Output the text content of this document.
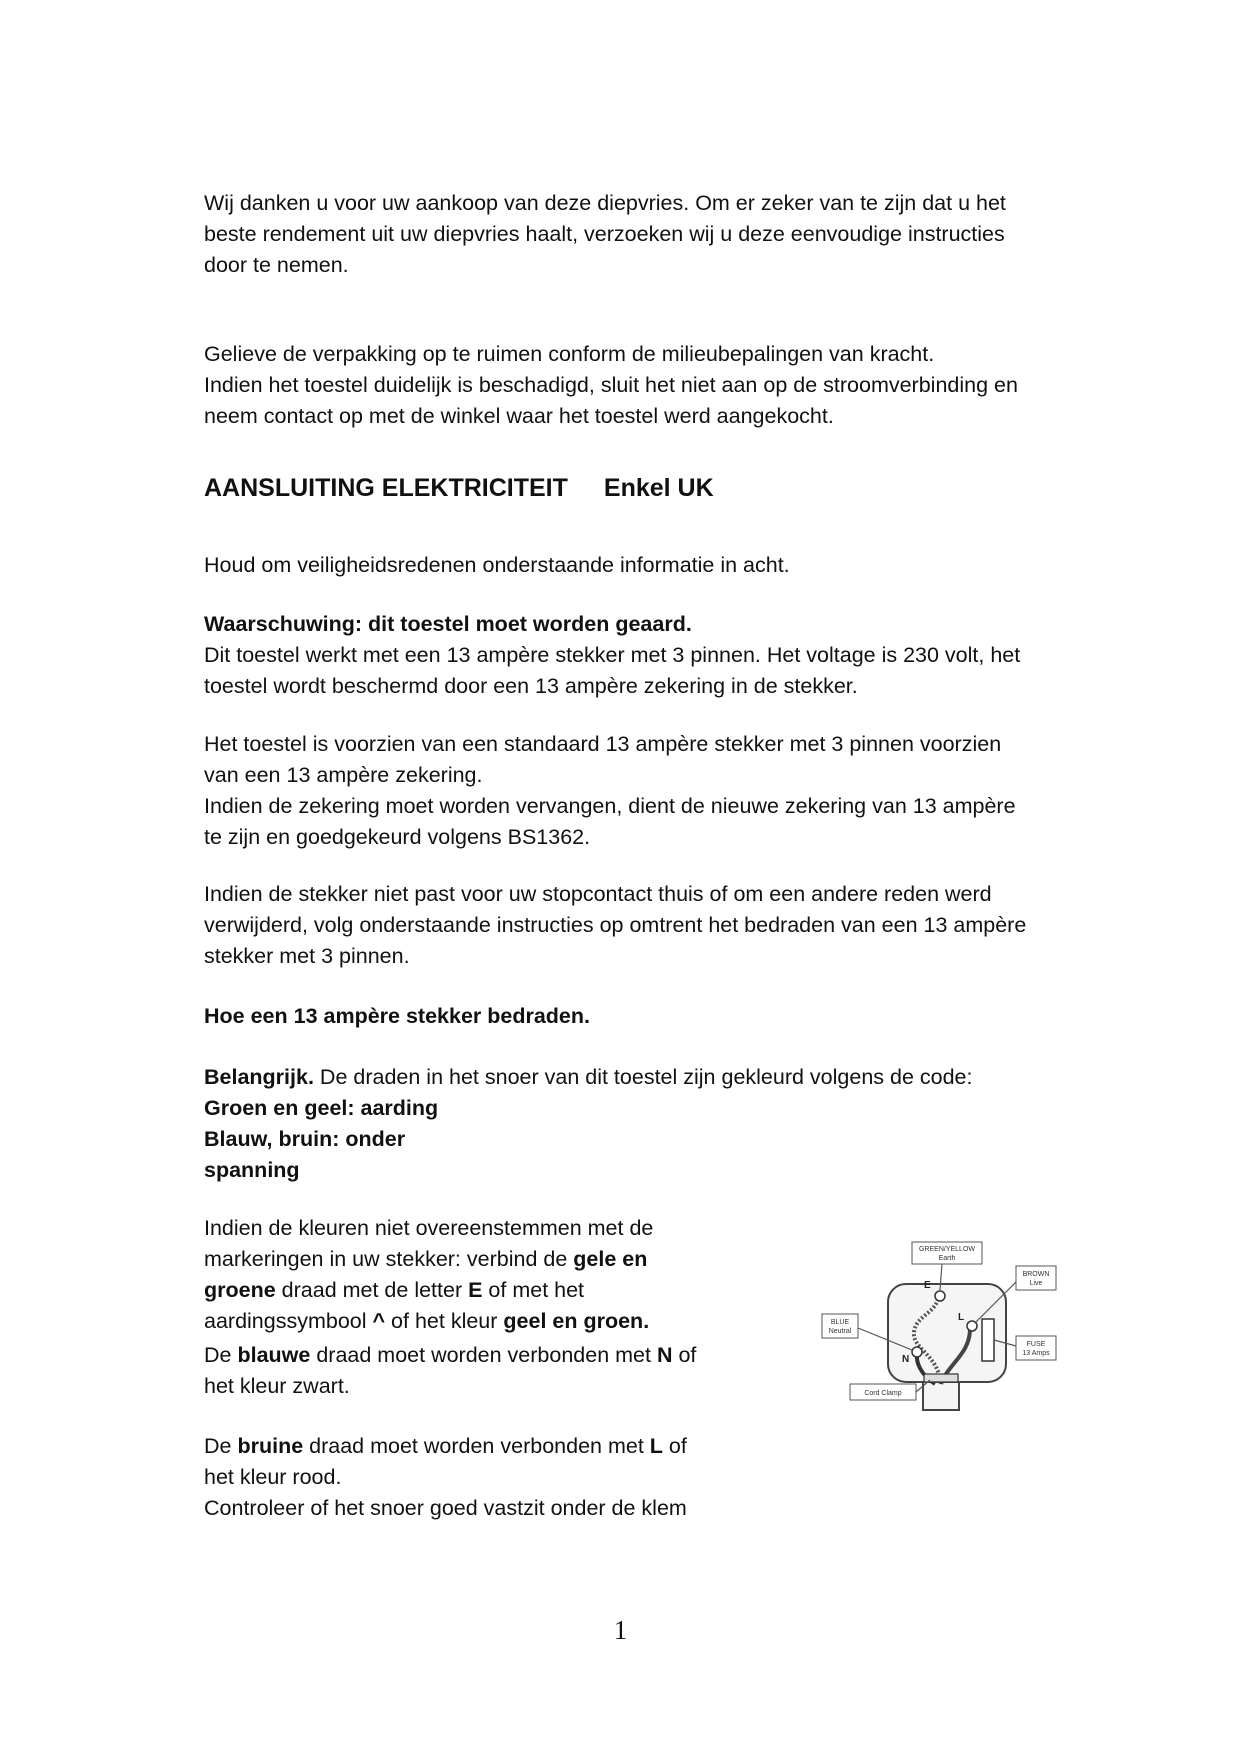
Wij danken u voor uw aankoop van deze diepvries. Om er zeker van te zijn dat u het

beste rendement uit uw diepvries haalt, verzoeken wij u deze eenvoudige instructies

door te nemen.

Gelieve de verpakking op te ruimen conform de milieubepalingen van kracht.

Indien het toestel duidelijk is beschadigd, sluit het niet aan op de stroomverbinding en

neem contact op met de winkel waar het toestel werd aangekocht.

AANSLUITING ELEKTRICITEIT Enkel UK

Houd om veiligheidsredenen onderstaande informatie in acht.

Waarschuwing: dit toestel moet worden geaard.

Dit toestel werkt met een 13 ampère stekker met 3 pinnen. Het voltage is 230 volt, het

toestel wordt beschermd door een 13 ampère zekering in de stekker.

Het toestel is voorzien van een standaard 13 ampère stekker met 3 pinnen voorzien

van een 13 ampère zekering.

Indien de zekering moet worden vervangen, dient de nieuwe zekering van 13 ampère

te zijn en goedgekeurd volgens BS1362.

Indien de stekker niet past voor uw stopcontact thuis of om een andere reden werd

verwijderd, volg onderstaande instructies op omtrent het bedraden van een 13 ampère

stekker met 3 pinnen.

Hoe een 13 ampère stekker bedraden.

Belangrijk. De draden in het snoer van dit toestel zijn gekleurd volgens de code:

Groen en geel: aarding

Blauw, bruin: onder

spanning

Indien de kleuren niet overeenstemmen met de

markeringen in uw stekker: verbind de gele en

groene draad met de letter E of met het

aardingssymbool ^ of het kleur geel en groen.

De blauwe draad moet worden verbonden met N of

het kleur zwart.

De bruine draad moet worden verbonden met L of

het kleur rood.

Controleer of het snoer goed vastzit onder de klem

E
L
N
GREEN/YELLOW
Earth
BROWN
Live
BLUE
Neutral
FUSE
13 Amps
Cord Clamp
1
